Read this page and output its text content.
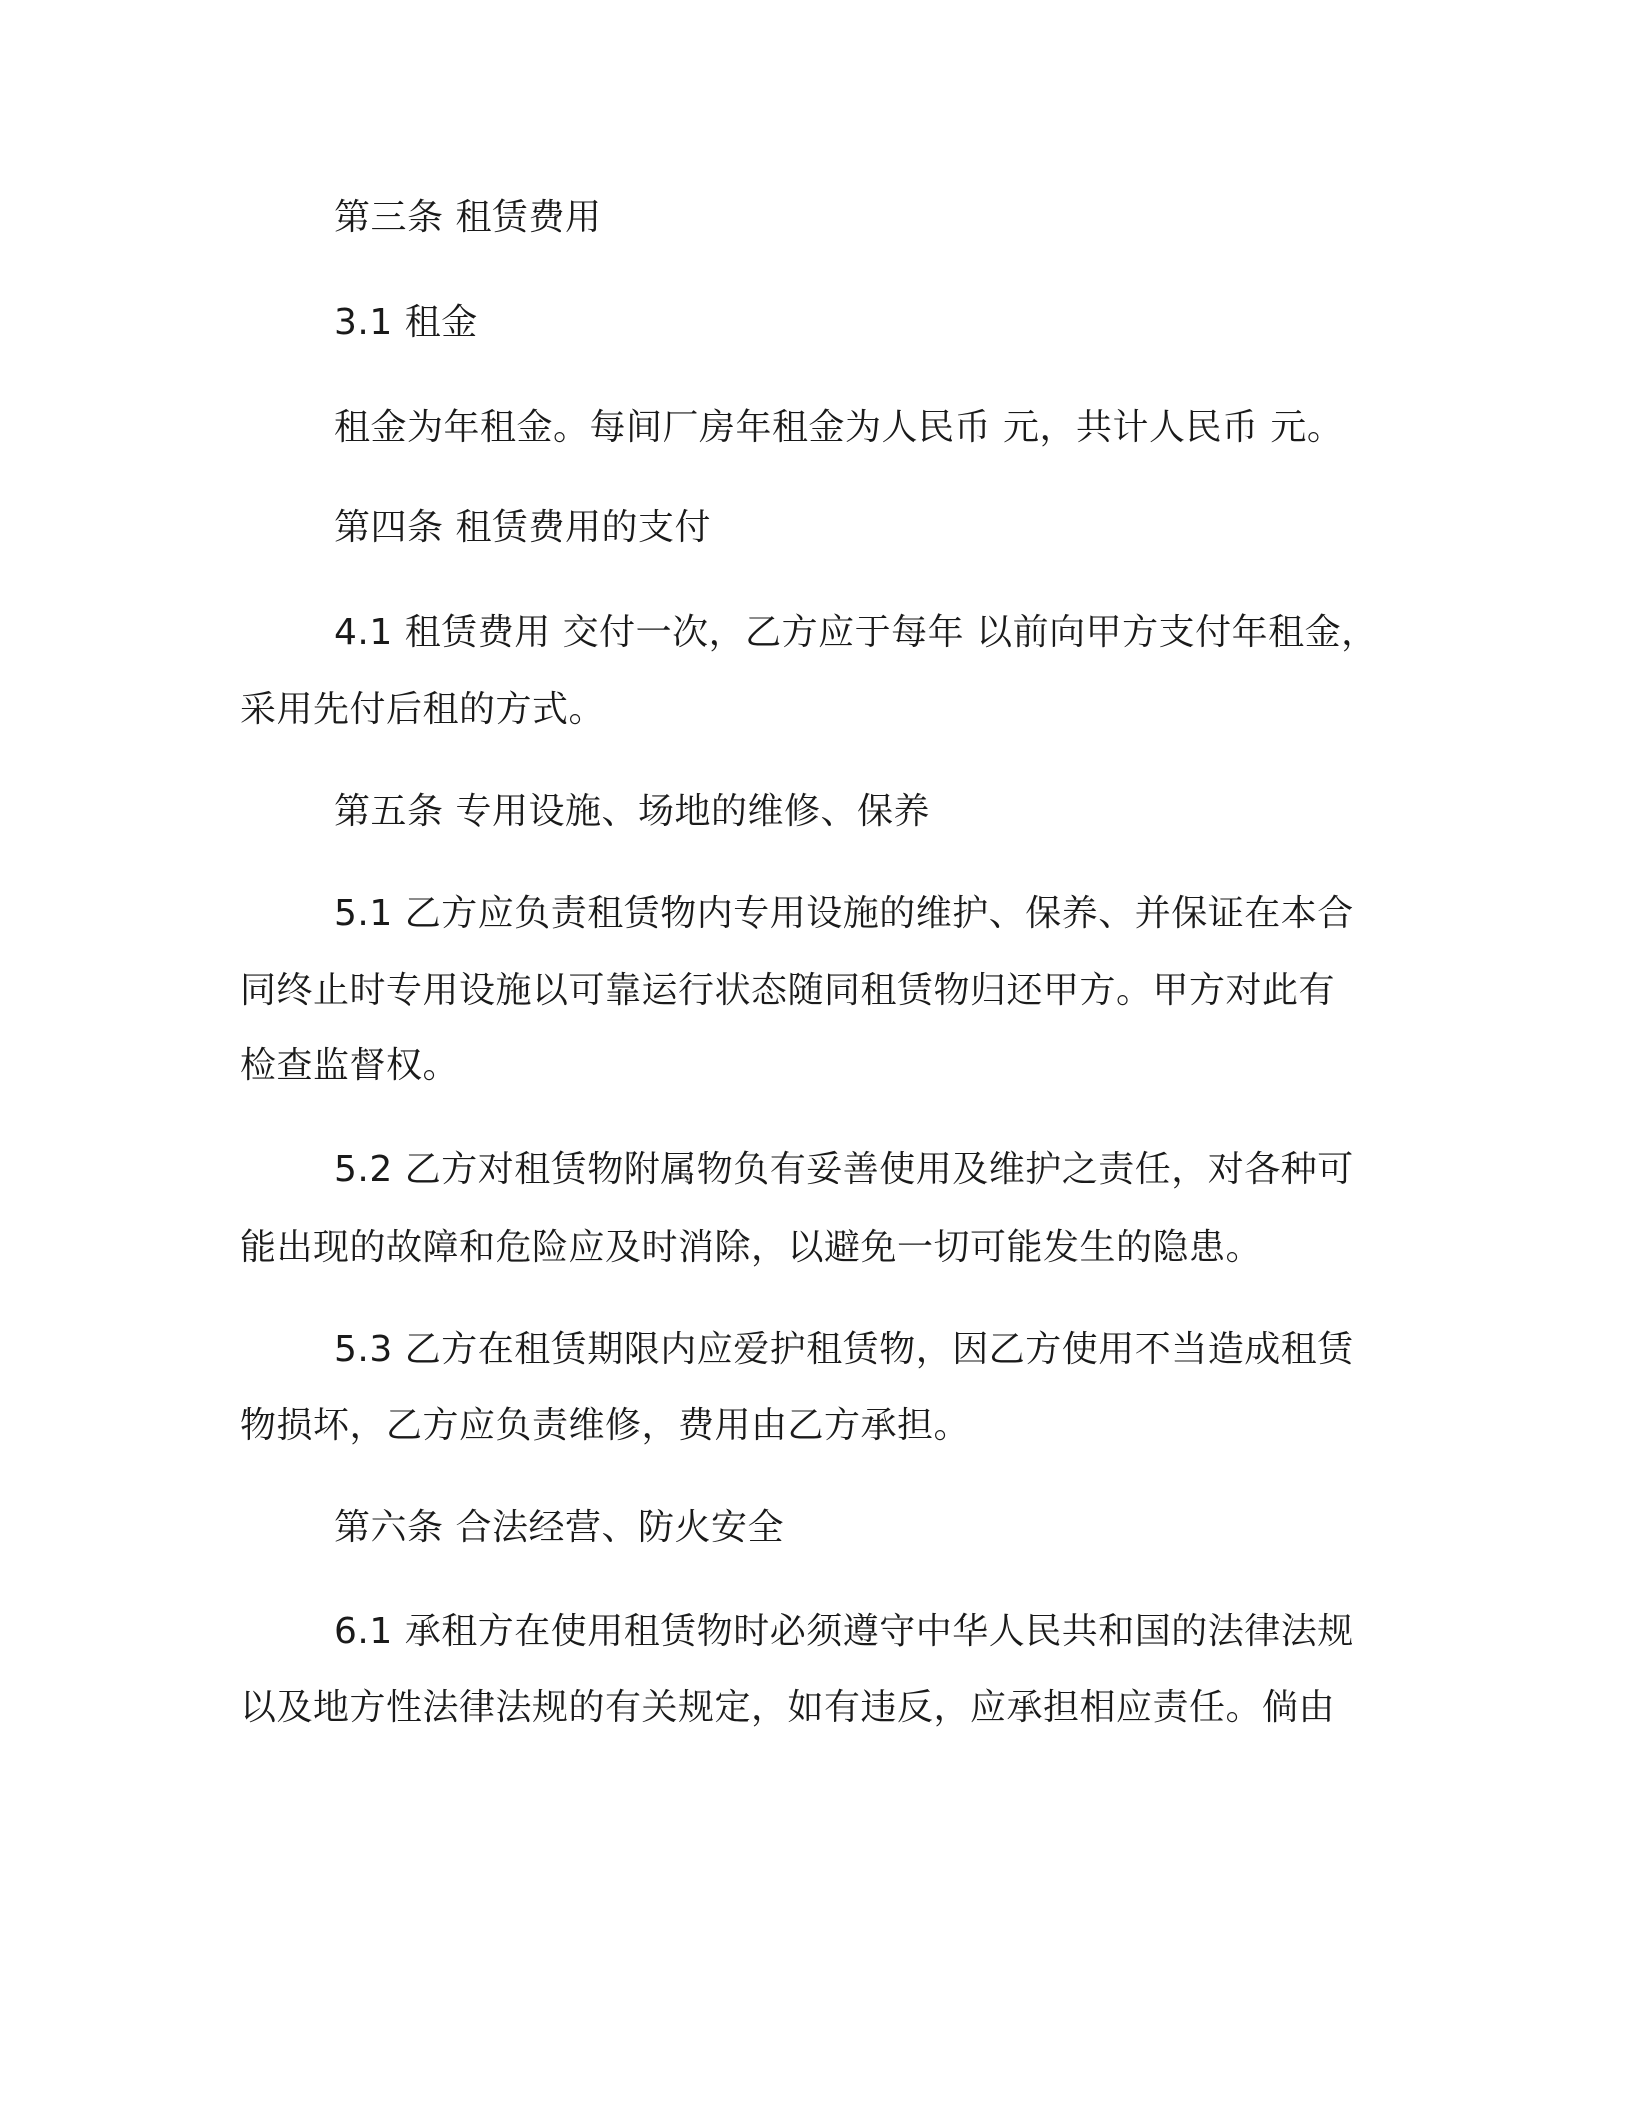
第三条 租赁费用
3.1 租金
租金为年租金。每间厂房年租金为人民币 元，共计人民币 元。
第四条 租赁费用的支付
4.1 租赁费用 交付一次，乙方应于每年 以前向甲方支付年租金，
采用先付后租的方式。
第五条 专用设施、场地的维修、保养
5.1 乙方应负责租赁物内专用设施的维护、保养、并保证在本合
同终止时专用设施以可靠运行状态随同租赁物归还甲方。甲方对此有
检查监督权。
5.2 乙方对租赁物附属物负有妥善使用及维护之责任，对各种可
能出现的故障和危险应及时消除，以避免一切可能发生的隐患。
5.3 乙方在租赁期限内应爱护租赁物，因乙方使用不当造成租赁
物损坏，乙方应负责维修，费用由乙方承担。
第六条 合法经营、防火安全
6.1 承租方在使用租赁物时必须遵守中华人民共和国的法律法规
以及地方性法律法规的有关规定，如有违反，应承担相应责任。倘由
